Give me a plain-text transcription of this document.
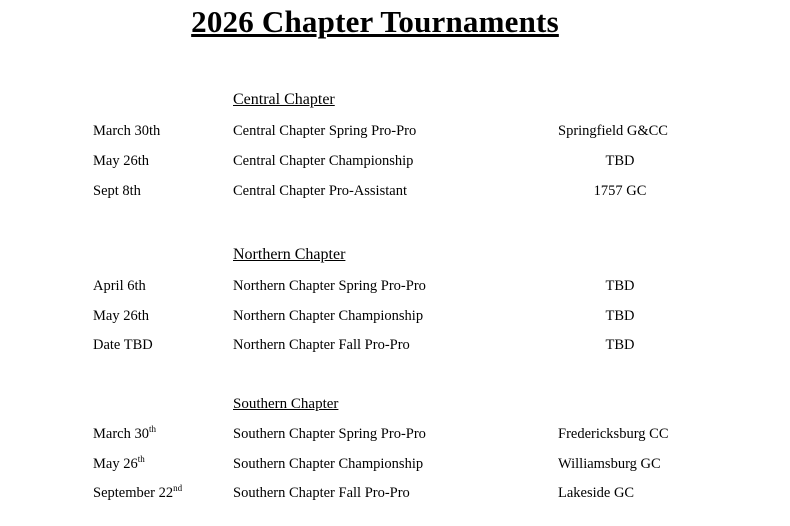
2026 Chapter Tournaments
Central Chapter
March 30th	Central Chapter Spring Pro-Pro	Springfield G&CC
May 26th	Central Chapter Championship	TBD
Sept 8th	Central Chapter Pro-Assistant	1757 GC
Northern Chapter
April 6th	Northern Chapter Spring Pro-Pro	TBD
May 26th	Northern Chapter Championship	TBD
Date TBD	Northern Chapter Fall Pro-Pro	TBD
Southern Chapter
March 30th	Southern Chapter Spring Pro-Pro	Fredericksburg CC
May 26th	Southern Chapter Championship	Williamsburg GC
September 22nd	Southern Chapter Fall Pro-Pro	Lakeside GC
